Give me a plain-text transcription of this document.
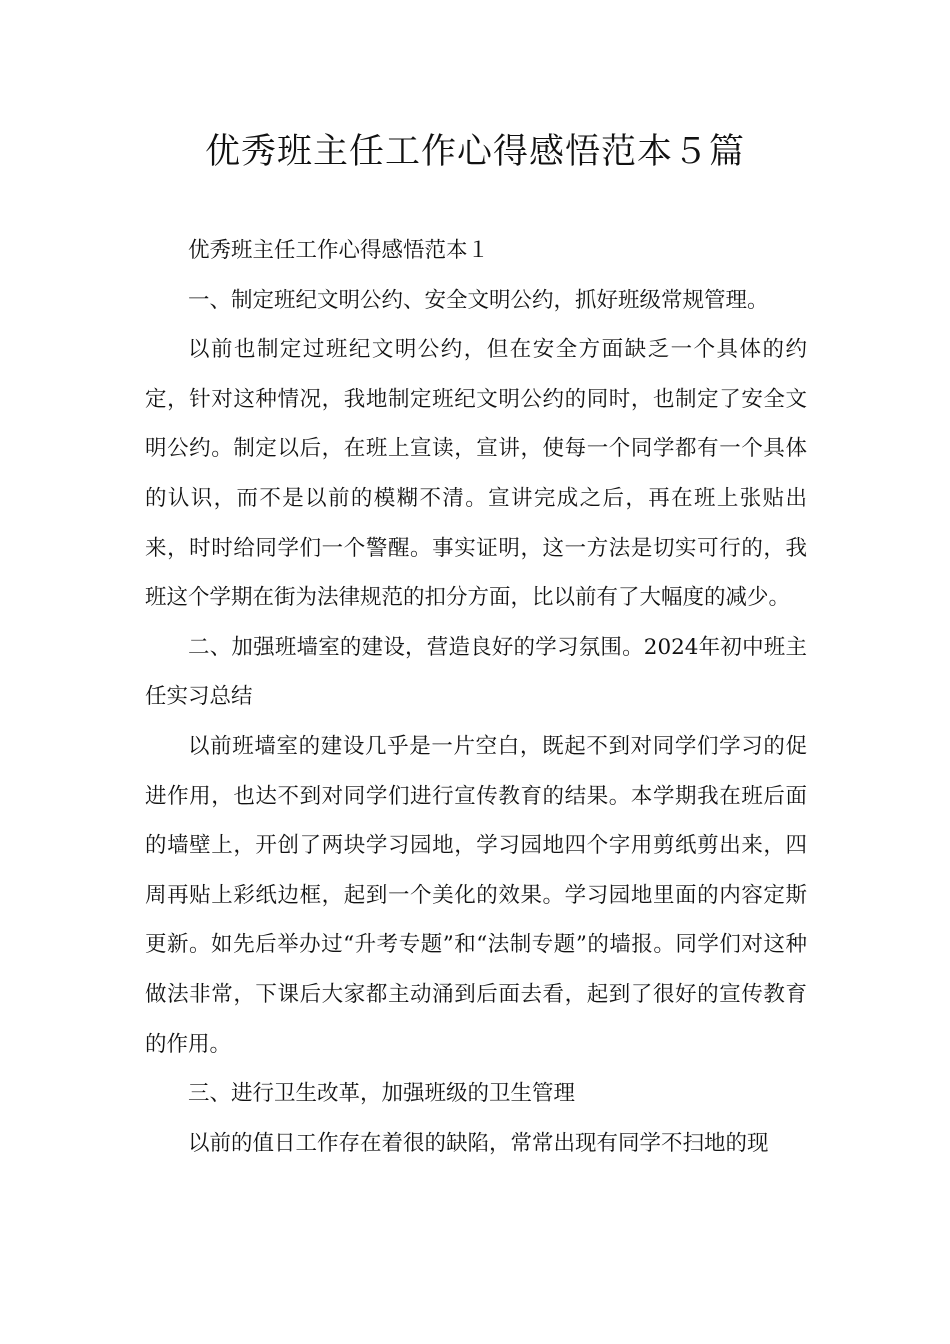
优秀班主任工作心得感悟范本５篇

优秀班主任工作心得感悟范本１

一、制定班纪文明公约、安全文明公约，抓好班级常规管理。

以前也制定过班纪文明公约，但在安全方面缺乏一个具体的约定，针对这种情况，我地制定班纪文明公约的同时，也制定了安全文明公约。制定以后，在班上宣读，宣讲，使每一个同学都有一个具体的认识，而不是以前的模糊不清。宣讲完成之后，再在班上张贴出来，时时给同学们一个警醒。事实证明，这一方法是切实可行的，我班这个学期在街为法律规范的扣分方面，比以前有了大幅度的减少。

二、加强班墙室的建设，营造良好的学习氛围。2024年初中班主任实习总结

以前班墙室的建设几乎是一片空白，既起不到对同学们学习的促进作用，也达不到对同学们进行宣传教育的结果。本学期我在班后面的墙壁上，开创了两块学习园地，学习园地四个字用剪纸剪出来，四周再贴上彩纸边框，起到一个美化的效果。学习园地里面的内容定斯更新。如先后举办过“升考专题”和“法制专题”的墙报。同学们对这种做法非常，下课后大家都主动涌到后面去看，起到了很好的宣传教育的作用。

三、进行卫生改革，加强班级的卫生管理

以前的值日工作存在着很的缺陷，常常出现有同学不扫地的现
